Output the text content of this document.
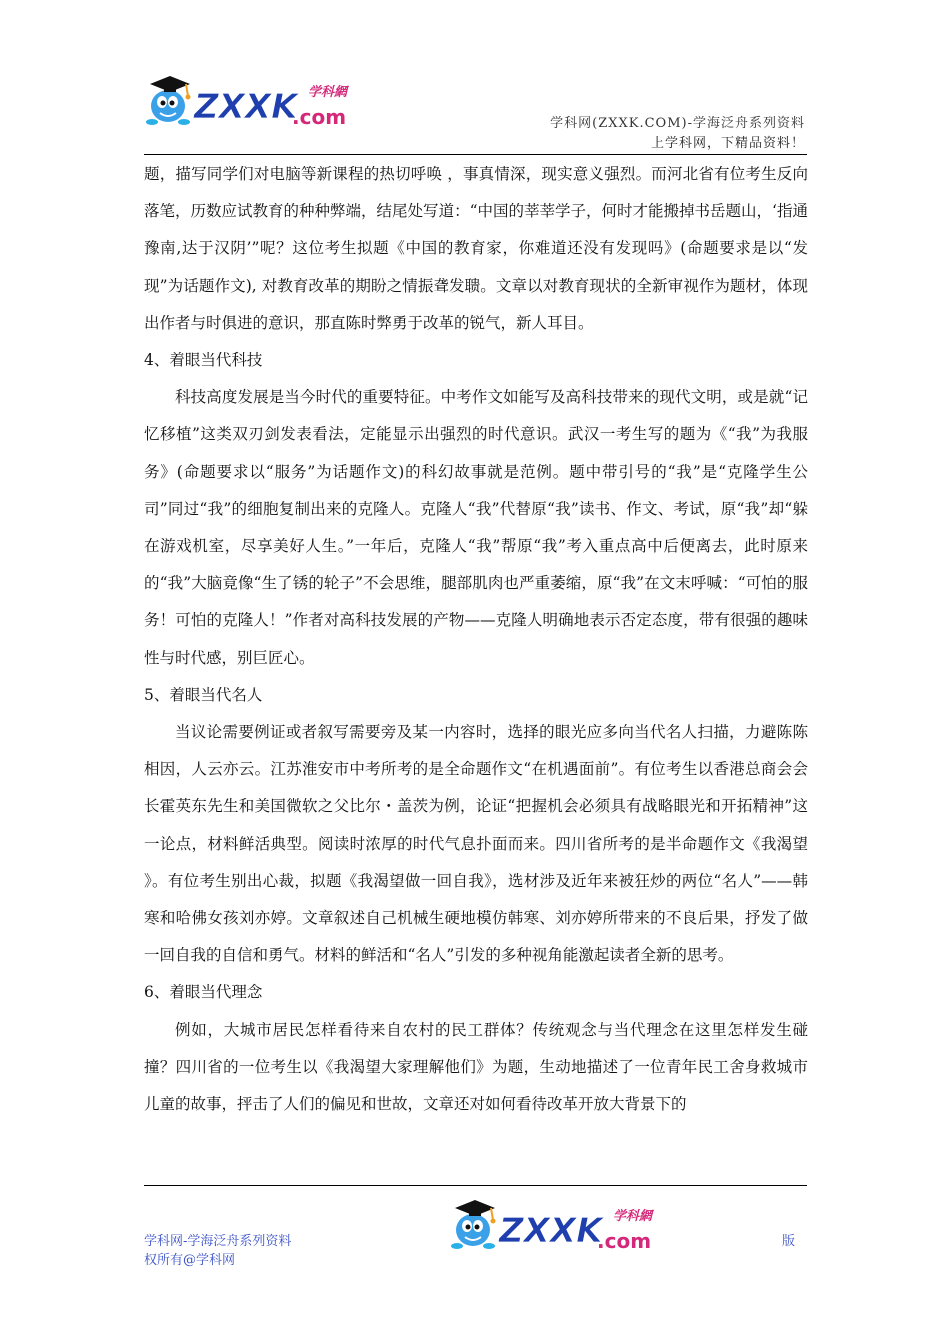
ZXXK
.com
学科網
学科网(ZXXK.COM)-学海泛舟系列资料
上学科网，下精品资料！

题，描写同学们对电脑等新课程的热切呼唤 ，事真情深，现实意义强烈。而河北省有位考生反向落笔，历数应试教育的种种弊端，结尾处写道：“中国的莘莘学子，何时才能搬掉书岳题山，‘指通豫南,达于汉阴’”呢？这位考生拟题《中国的教育家，你难道还没有发现吗》(命题要求是以“发现”为话题作文), 对教育改革的期盼之情振聋发聩。文章以对教育现状的全新审视作为题材，体现出作者与时俱进的意识，那直陈时弊勇于改革的锐气，新人耳目。

4、着眼当代科技

科技高度发展是当今时代的重要特征。中考作文如能写及高科技带来的现代文明，或是就“记忆移植”这类双刃剑发表看法，定能显示出强烈的时代意识。武汉一考生写的题为《“我”为我服务》(命题要求以“服务”为话题作文)的科幻故事就是范例。题中带引号的“我”是“克隆学生公司”同过“我”的细胞复制出来的克隆人。克隆人“我”代替原“我”读书、作文、考试，原“我”却“躲在游戏机室，尽享美好人生。”一年后，克隆人“我”帮原“我”考入重点高中后便离去，此时原来的“我”大脑竟像“生了锈的轮子”不会思维，腿部肌肉也严重萎缩，原“我”在文末呼喊：“可怕的服务！可怕的克隆人！”作者对高科技发展的产物——克隆人明确地表示否定态度，带有很强的趣味性与时代感，别巨匠心。

5、着眼当代名人

当议论需要例证或者叙写需要旁及某一内容时，选择的眼光应多向当代名人扫描，力避陈陈相因，人云亦云。江苏淮安市中考所考的是全命题作文“在机遇面前”。有位考生以香港总商会会长霍英东先生和美国微软之父比尔・盖茨为例，论证“把握机会必须具有战略眼光和开拓精神”这一论点，材料鲜活典型。阅读时浓厚的时代气息扑面而来。四川省所考的是半命题作文《我渴望 》。有位考生别出心裁，拟题《我渴望做一回自我》，选材涉及近年来被狂炒的两位“名人”——韩寒和哈佛女孩刘亦婷。文章叙述自己机械生硬地模仿韩寒、刘亦婷所带来的不良后果，抒发了做一回自我的自信和勇气。材料的鲜活和“名人”引发的多种视角能激起读者全新的思考。

6、着眼当代理念

例如，大城市居民怎样看待来自农村的民工群体？传统观念与当代理念在这里怎样发生碰撞？四川省的一位考生以《我渴望大家理解他们》为题，生动地描述了一位青年民工舍身救城市儿童的故事，抨击了人们的偏见和世故，文章还对如何看待改革开放大背景下的

ZXXK
.com
学科網
学科网-学海泛舟系列资料
权所有@学科网
版
